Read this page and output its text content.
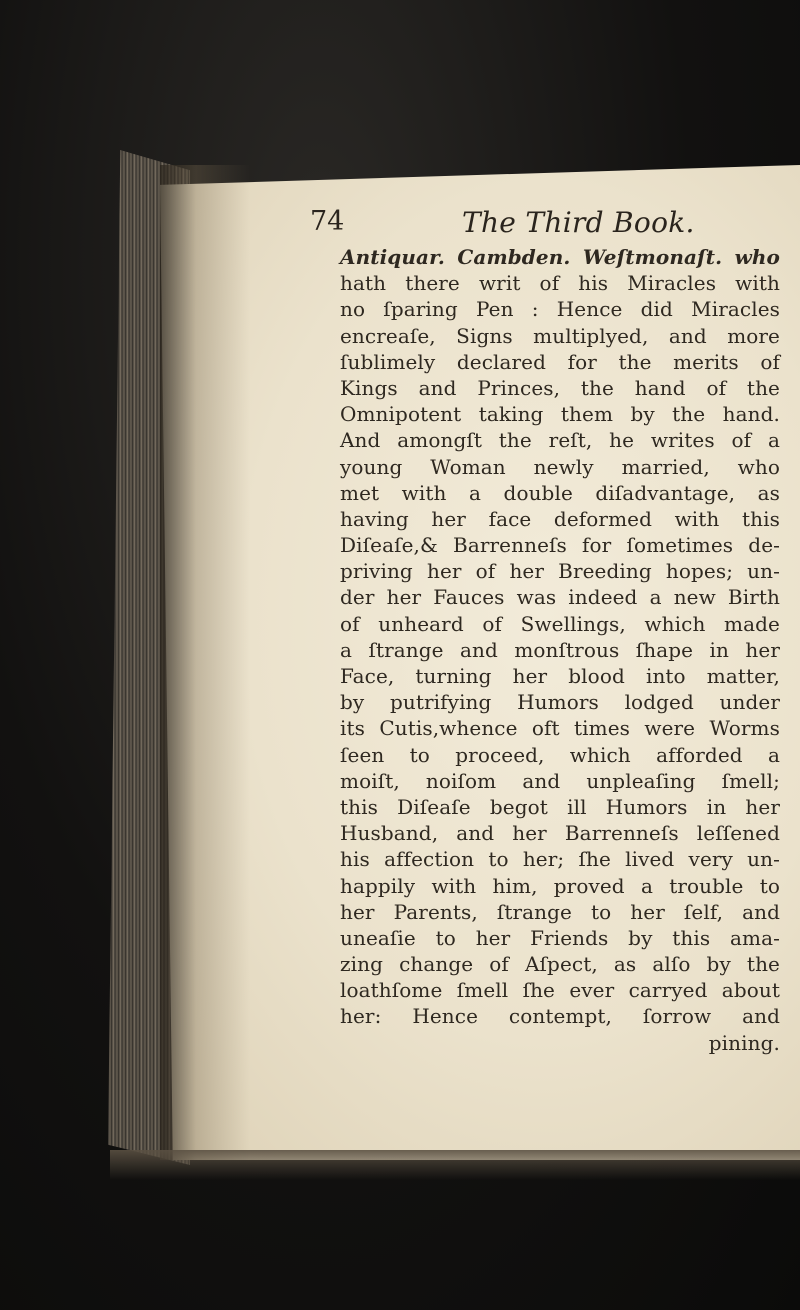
74	The Third Book.
Antiquar. Cambden. Weſtmonaſt. who
hath there writ of his Miracles with
no ſparing Pen : Hence did Miracles
encreaſe, Signs multiplyed, and more
ſublimely declared for the merits of
Kings and Princes, the hand of the
Omnipotent taking them by the hand.
And amongſt the reſt, he writes of a
young Woman newly married, who
met with a double diſadvantage, as
having her face deformed with this
Diſeaſe,& Barrenneſs for ſometimes de-
priving her of her Breeding hopes; un-
der her Fauces was indeed a new Birth
of unheard of Swellings, which made
a ſtrange and monſtrous ſhape in her
Face, turning her blood into matter,
by putrifying Humors lodged under
its Cutis,whence oft times were Worms
ſeen to proceed, which afforded a
moiſt, noiſom and unpleaſing ſmell;
this Diſeaſe begot ill Humors in her
Husband, and her Barrenneſs leſſened
his affection to her; ſhe lived very un-
happily with him, proved a trouble to
her Parents, ſtrange to her ſelf, and
uneaſie to her Friends by this ama-
zing change of Aſpect, as alſo by the
loathſome ſmell ſhe ever carryed about
her: Hence contempt, ſorrow and
pining.
